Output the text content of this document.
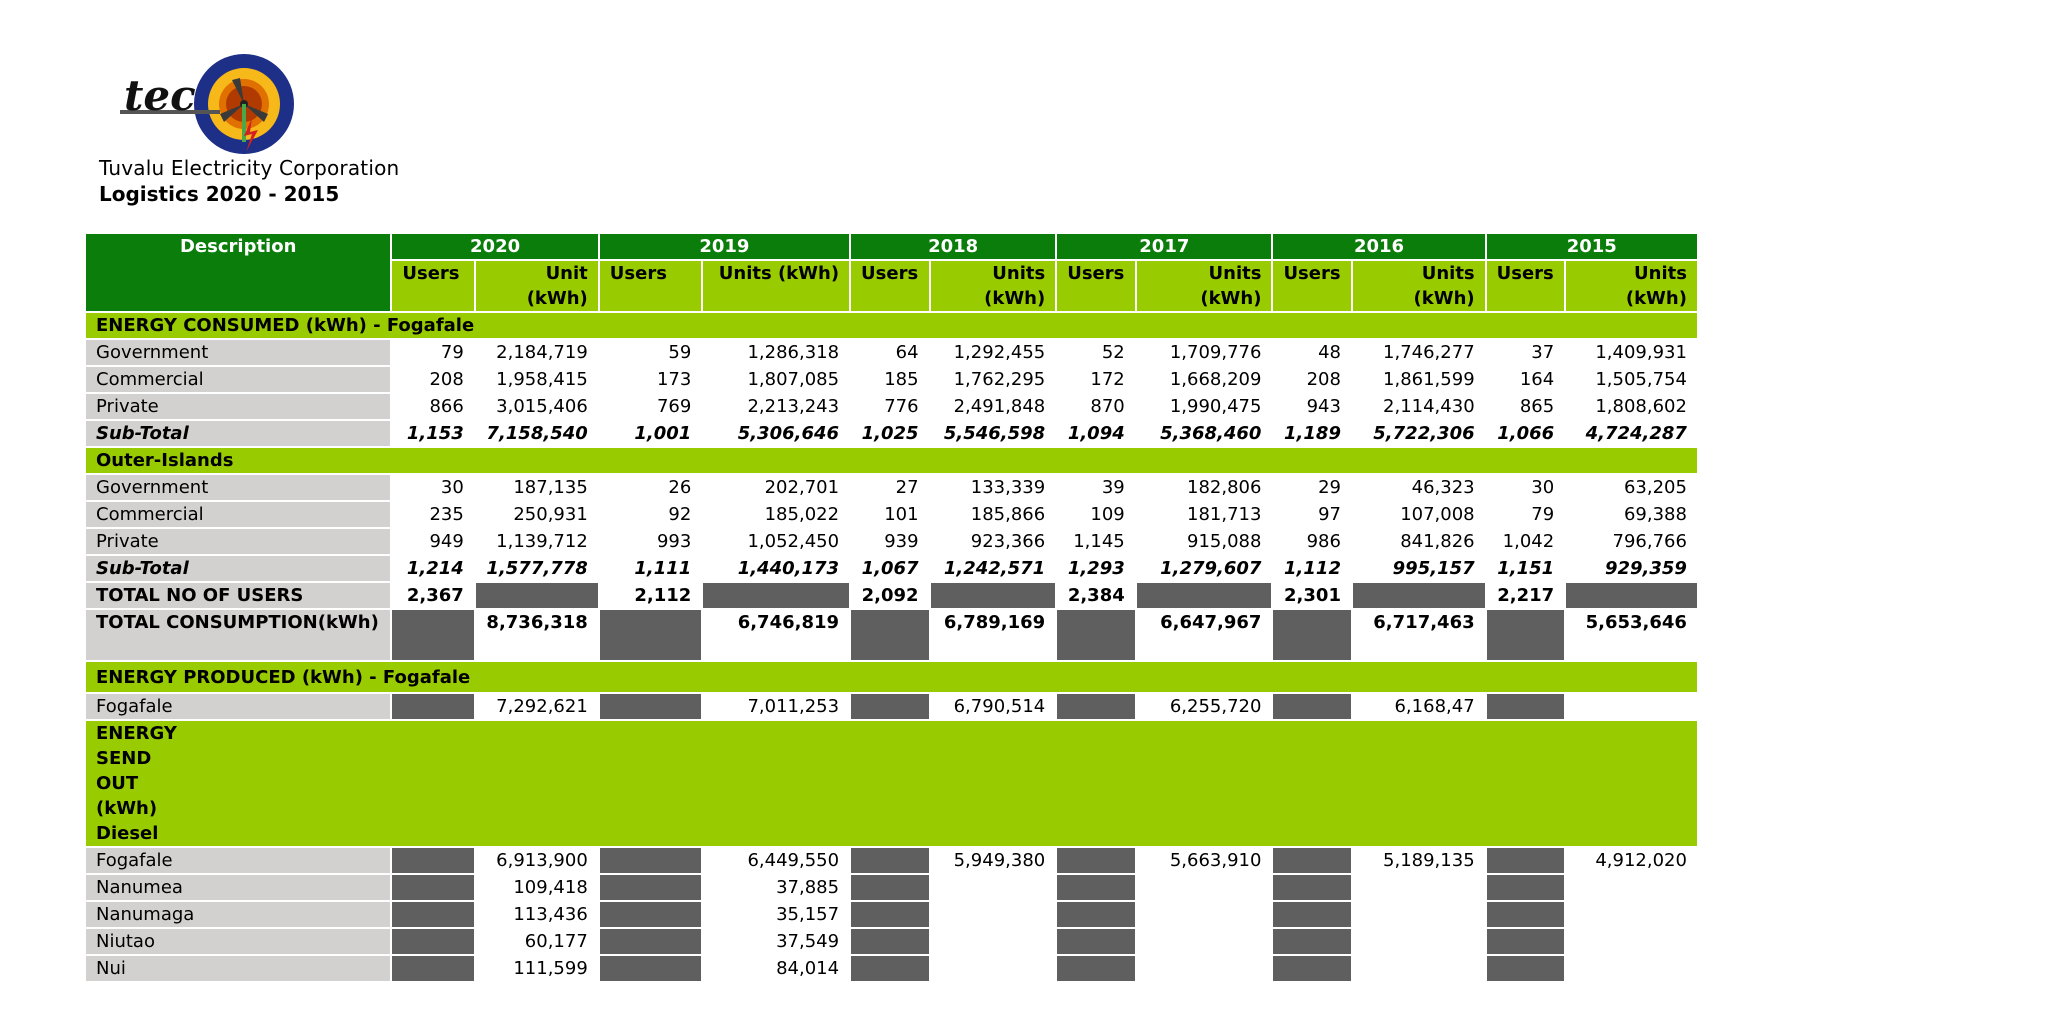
tec
Tuvalu Electricity Corporation
Logistics 2020 - 2015
Description	2020		2019		2018		2017		2016		2015	
	Users	Unit (kWh)	Users	Units (kWh)	Users	Units (kWh)	Users	Units (kWh)	Users	Units (kWh)	Users	Units (kWh)
ENERGY CONSUMED (kWh) - Fogafale												
Government	79	2,184,719	59	1,286,318	64	1,292,455	52	1,709,776	48	1,746,277	37	1,409,931
Commercial	208	1,958,415	173	1,807,085	185	1,762,295	172	1,668,209	208	1,861,599	164	1,505,754
Private	866	3,015,406	769	2,213,243	776	2,491,848	870	1,990,475	943	2,114,430	865	1,808,602
Sub-Total	1,153	7,158,540	1,001	5,306,646	1,025	5,546,598	1,094	5,368,460	1,189	5,722,306	1,066	4,724,287
Outer-Islands												
Government	30	187,135	26	202,701	27	133,339	39	182,806	29	46,323	30	63,205
Commercial	235	250,931	92	185,022	101	185,866	109	181,713	97	107,008	79	69,388
Private	949	1,139,712	993	1,052,450	939	923,366	1,145	915,088	986	841,826	1,042	796,766
Sub-Total	1,214	1,577,778	1,111	1,440,173	1,067	1,242,571	1,293	1,279,607	1,112	995,157	1,151	929,359
TOTAL NO OF USERS	2,367		2,112		2,092		2,384		2,301		2,217	
TOTAL CONSUMPTION(kWh)		8,736,318		6,746,819		6,789,169		6,647,967		6,717,463		5,653,646
ENERGY PRODUCED (kWh) - Fogafale												
Fogafale		7,292,621		7,011,253		6,790,514		6,255,720		6,168,47		
ENERGY SEND OUT (kWh) Diesel												
Fogafale		6,913,900		6,449,550		5,949,380		5,663,910		5,189,135		4,912,020
Nanumea		109,418		37,885								
Nanumaga		113,436		35,157								
Niutao		60,177		37,549								
Nui		111,599		84,014								
